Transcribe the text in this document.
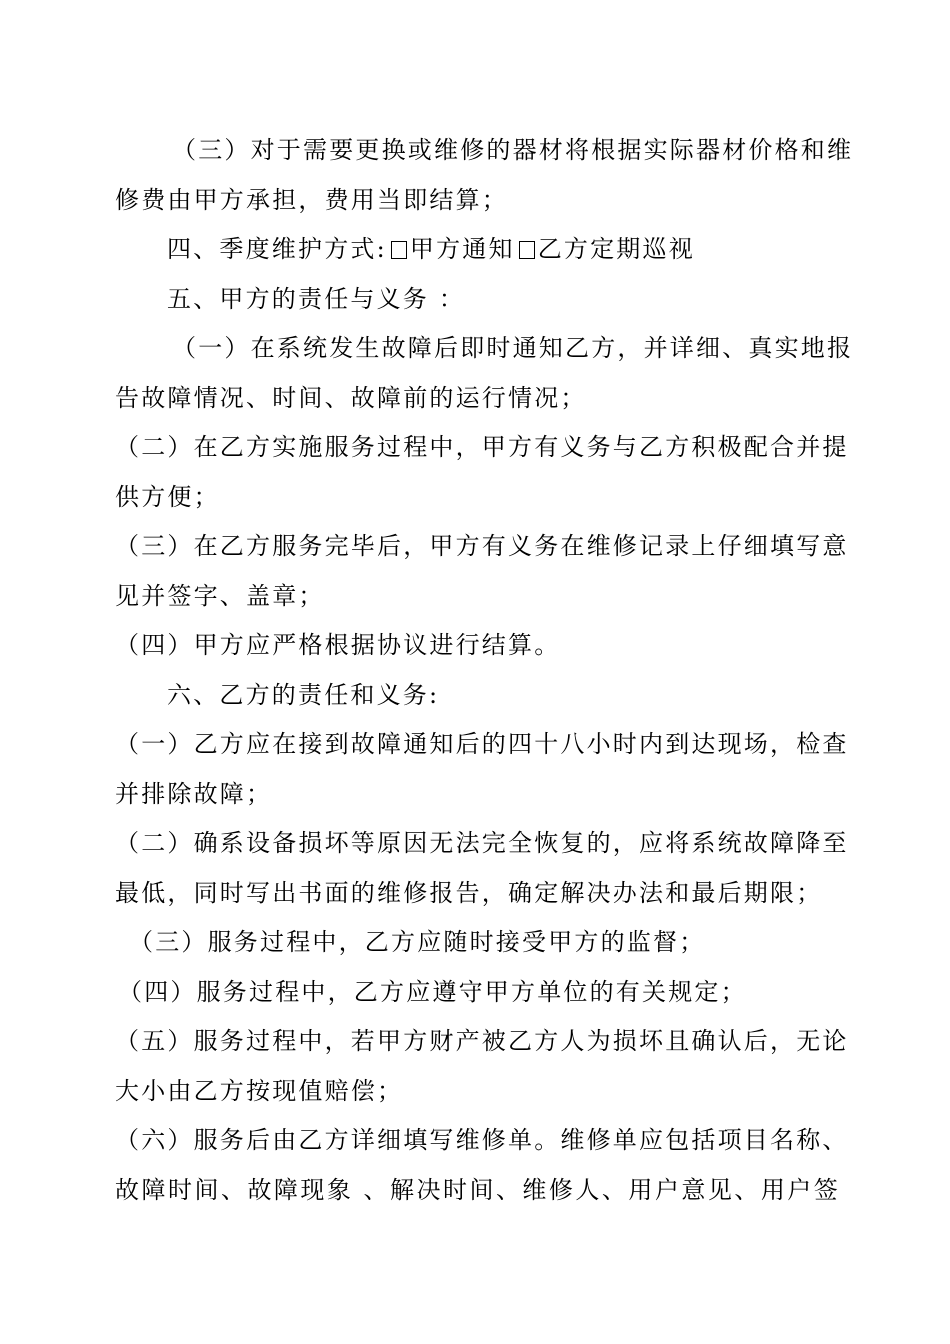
（三）对于需要更换或维修的器材将根据实际器材价格和维
修费由甲方承担，费用当即结算；
四、季度维护方式: 甲方通知 乙方定期巡视
五、甲方的责任与义务 ：
（一）在系统发生故障后即时通知乙方，并详细、真实地报
告故障情况、时间、故障前的运行情况；
（二）在乙方实施服务过程中，甲方有义务与乙方积极配合并提
供方便；
（三）在乙方服务完毕后，甲方有义务在维修记录上仔细填写意
见并签字、盖章；
（四）甲方应严格根据协议进行结算。
六、乙方的责任和义务:
（一）乙方应在接到故障通知后的四十八小时内到达现场，检查
并排除故障；
（二）确系设备损坏等原因无法完全恢复的，应将系统故障降至
最低，同时写出书面的维修报告，确定解决办法和最后期限；
（三）服务过程中，乙方应随时接受甲方的监督；
（四）服务过程中，乙方应遵守甲方单位的有关规定；
（五）服务过程中，若甲方财产被乙方人为损坏且确认后，无论
大小由乙方按现值赔偿；
（六）服务后由乙方详细填写维修单。维修单应包括项目名称、
故障时间、故障现象 、解决时间、维修人、用户意见、用户签
